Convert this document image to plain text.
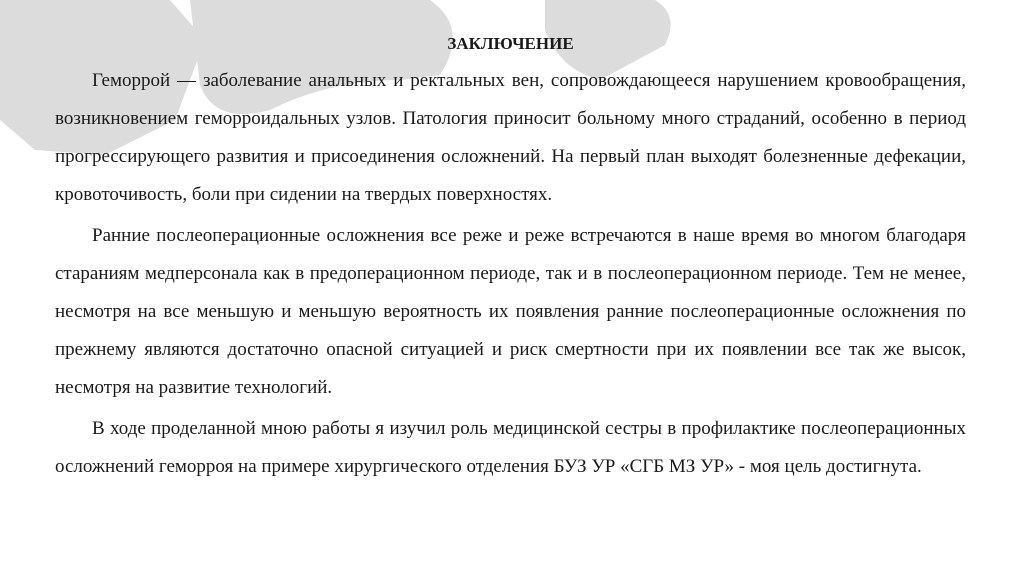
ЗАКЛЮЧЕНИЕ

Геморрой — заболевание анальных и ректальных вен, сопровождающееся нарушением кровообращения, возникновением геморроидальных узлов. Патология приносит больному много страданий, особенно в период прогрессирующего развития и присоединения осложнений. На первый план выходят болезненные дефекации, кровоточивость, боли при сидении на твердых поверхностях.

Ранние послеоперационные осложнения все реже и реже встречаются в наше время во многом благодаря стараниям медперсонала как в предоперационном периоде, так и в послеоперационном периоде. Тем не менее, несмотря на все меньшую и меньшую вероятность их появления ранние послеоперационные осложнения по прежнему являются достаточно опасной ситуацией и риск смертности при их появлении все так же высок, несмотря на развитие технологий.

В ходе проделанной мною работы я изучил роль медицинской сестры в профилактике послеоперационных осложнений геморроя на примере хирургического отделения БУЗ УР «СГБ МЗ УР» - моя цель достигнута.
